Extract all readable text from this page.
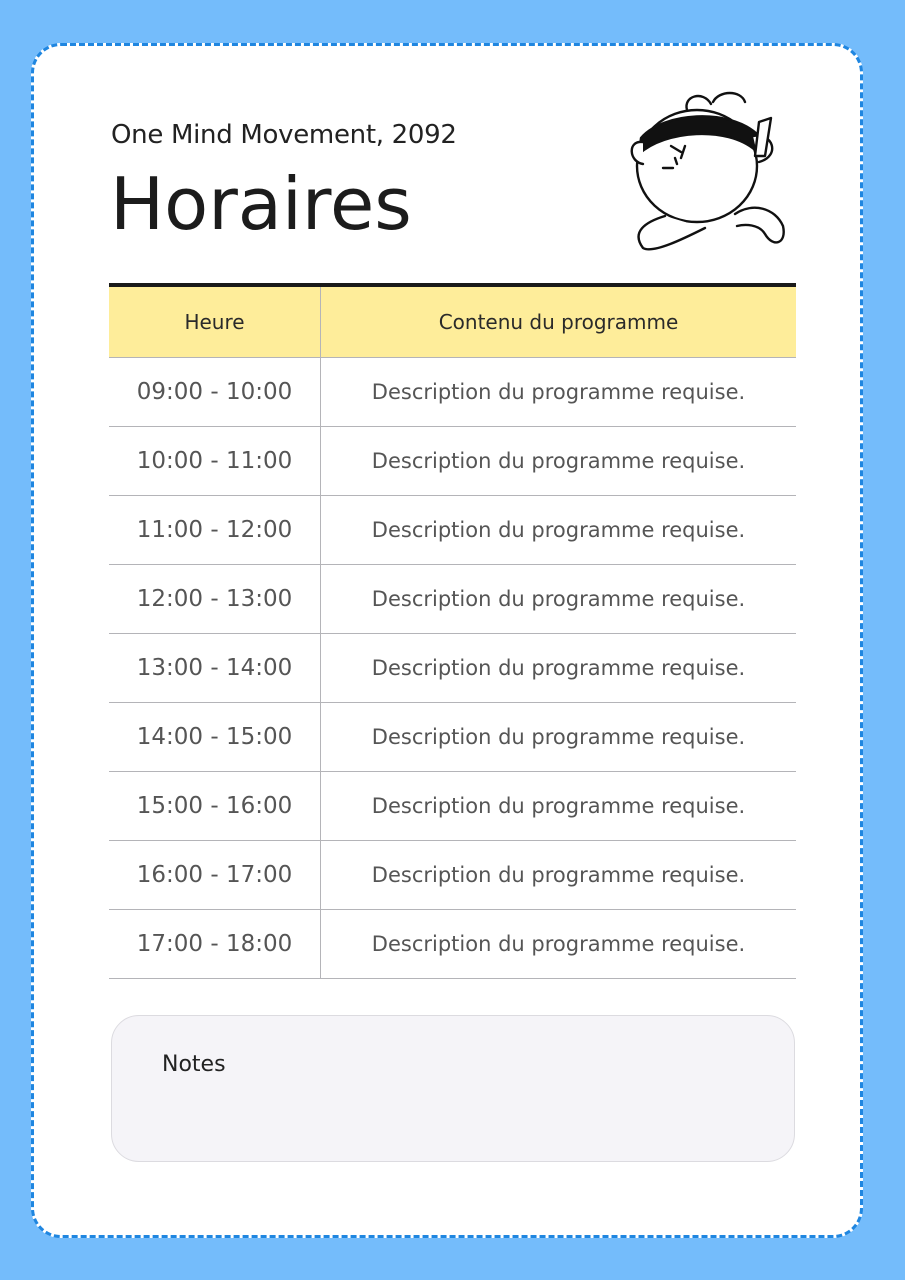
One Mind Movement, 2092
Horaires
Heure	Contenu du programme
09:00 - 10:00	Description du programme requise.
10:00 - 11:00	Description du programme requise.
11:00 - 12:00	Description du programme requise.
12:00 - 13:00	Description du programme requise.
13:00 - 14:00	Description du programme requise.
14:00 - 15:00	Description du programme requise.
15:00 - 16:00	Description du programme requise.
16:00 - 17:00	Description du programme requise.
17:00 - 18:00	Description du programme requise.
Notes
